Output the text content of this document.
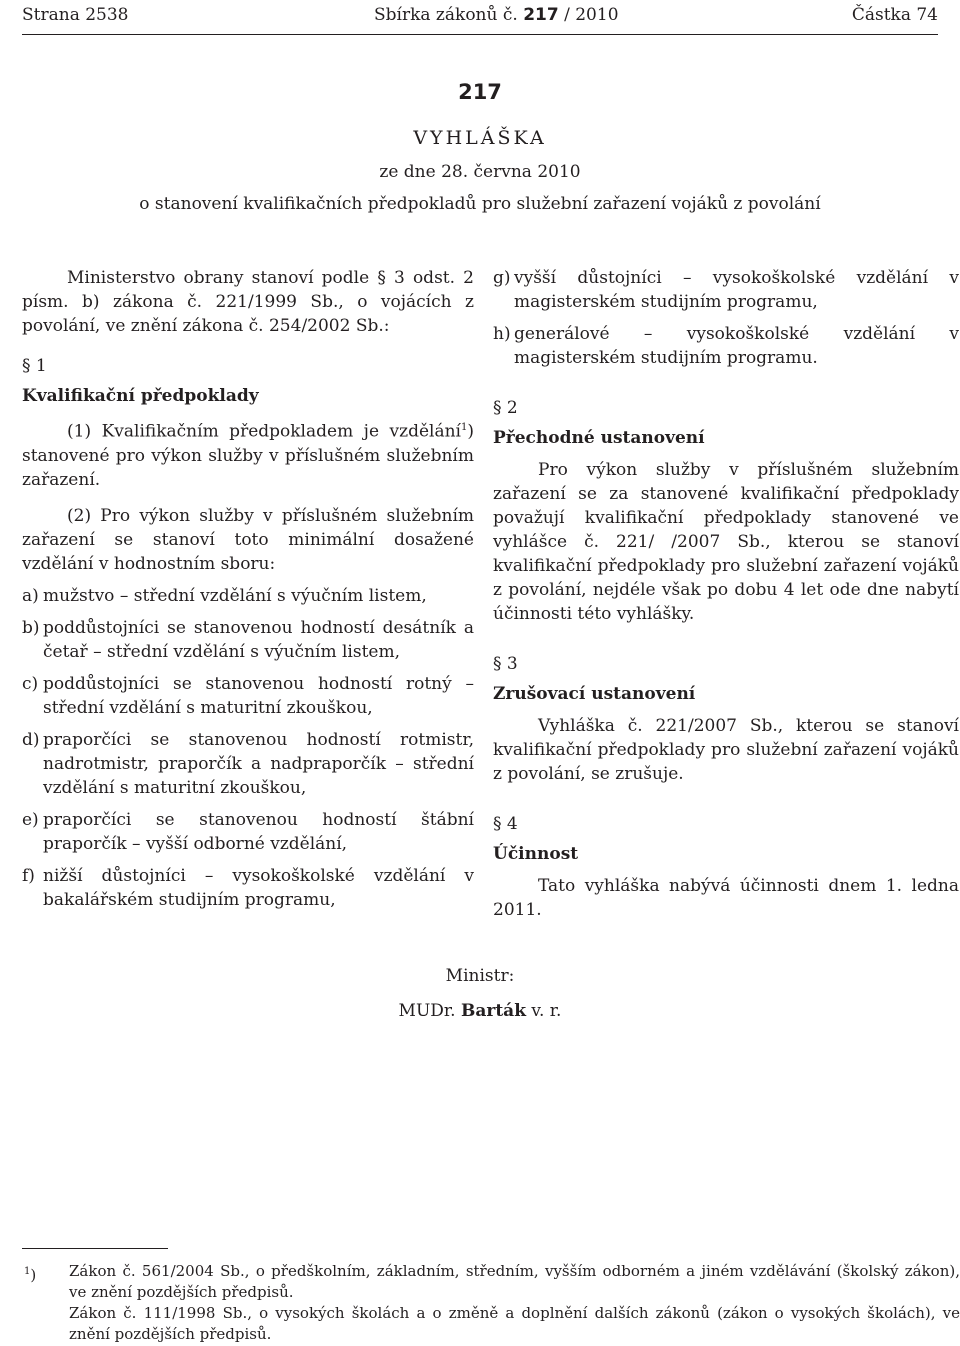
Strana 2538	Sbírka zákonů č. 217 / 2010	Částka 74
217
VYHLÁŠKA
ze dne 28. června 2010
o stanovení kvalifikačních předpokladů pro služební zařazení vojáků z povolání

Ministerstvo obrany stanoví podle § 3 odst. 2 písm. b) zákona č. 221/1999 Sb., o vojácích z povolání, ve znění zákona č. 254/2002 Sb.:

§ 1

Kvalifikační předpoklady

(1) Kvalifikačním předpokladem je vzdělání$^1$) stanovené pro výkon služby v příslušném služebním zařazení.

(2) Pro výkon služby v příslušném služebním zařazení se stanoví toto minimální dosažené vzdělání v hodnostním sboru:

a) mužstvo – střední vzdělání s výučním listem,
b) poddůstojníci se stanovenou hodností desátník a četař – střední vzdělání s výučním listem,
c) poddůstojníci se stanovenou hodností rotný – střední vzdělání s maturitní zkouškou,
d) praporčíci se stanovenou hodností rotmistr, nadrotmistr, praporčík a nadpraporčík – střední vzdělání s maturitní zkouškou,
e) praporčíci se stanovenou hodností štábní praporčík – vyšší odborné vzdělání,
f) nižší důstojníci – vysokoškolské vzdělání v bakalářském studijním programu,
g) vyšší důstojníci – vysokoškolské vzdělání v magisterském studijním programu,
h) generálové – vysokoškolské vzdělání v magisterském studijním programu.

§ 2

Přechodné ustanovení

Pro výkon služby v příslušném služebním zařazení se za stanovené kvalifikační předpoklady považují kvalifikační předpoklady stanovené ve vyhlášce č. 221/ /2007 Sb., kterou se stanoví kvalifikační předpoklady pro služební zařazení vojáků z povolání, nejdéle však po dobu 4 let ode dne nabytí účinnosti této vyhlášky.

§ 3

Zrušovací ustanovení

Vyhláška č. 221/2007 Sb., kterou se stanoví kvalifikační předpoklady pro služební zařazení vojáků z povolání, se zrušuje.

§ 4

Účinnost

Tato vyhláška nabývá účinnosti dnem 1. ledna 2011.

Ministr:
MUDr. Barták v. r.
$^1$) Zákon č. 561/2004 Sb., o předškolním, základním, středním, vyšším odborném a jiném vzdělávání (školský zákon), ve znění pozdějších předpisů.

Zákon č. 111/1998 Sb., o vysokých školách a o změně a doplnění dalších zákonů (zákon o vysokých školách), ve znění pozdějších předpisů.
